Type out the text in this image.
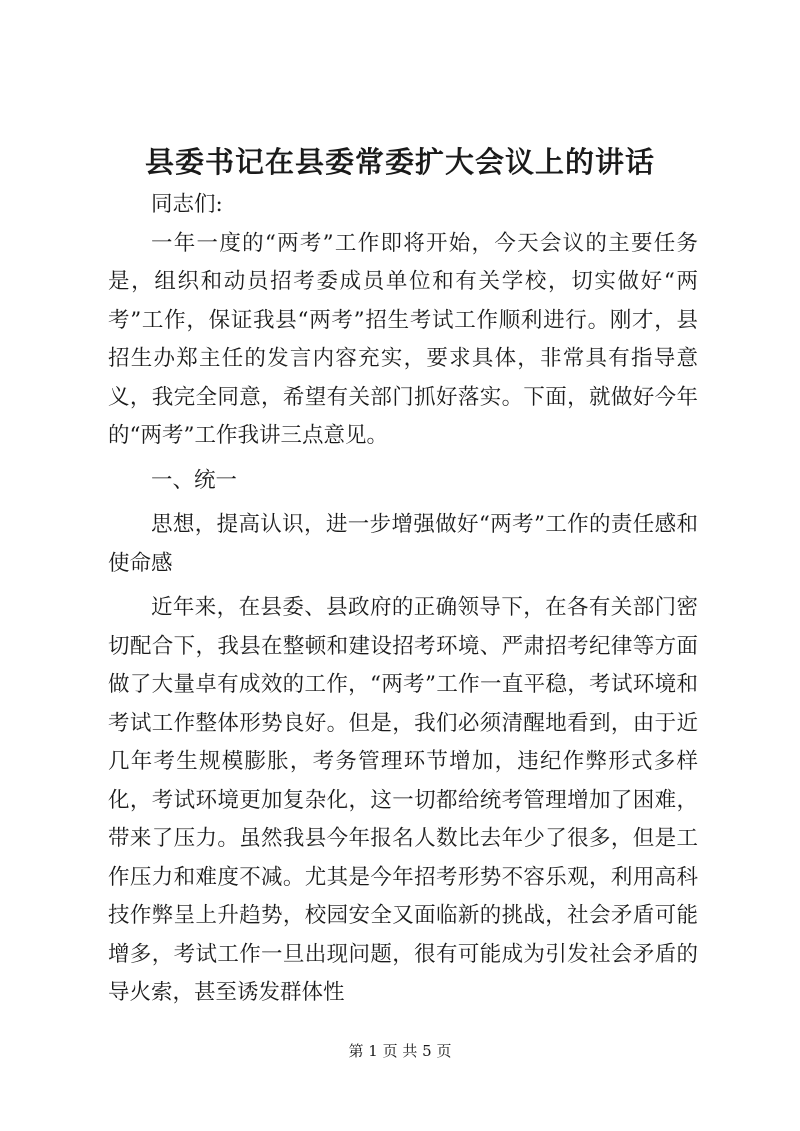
县委书记在县委常委扩大会议上的讲话

同志们:

一年一度的“两考”工作即将开始，今天会议的主要任务是，组织和动员招考委成员单位和有关学校，切实做好“两考”工作，保证我县“两考”招生考试工作顺利进行。刚才，县招生办郑主任的发言内容充实，要求具体，非常具有指导意义，我完全同意，希望有关部门抓好落实。下面，就做好今年的“两考”工作我讲三点意见。

一、统一

思想，提高认识，进一步增强做好“两考”工作的责任感和使命感

近年来，在县委、县政府的正确领导下，在各有关部门密切配合下，我县在整顿和建设招考环境、严肃招考纪律等方面做了大量卓有成效的工作，“两考”工作一直平稳，考试环境和考试工作整体形势良好。但是，我们必须清醒地看到，由于近几年考生规模膨胀，考务管理环节增加，违纪作弊形式多样化，考试环境更加复杂化，这一切都给统考管理增加了困难，带来了压力。虽然我县今年报名人数比去年少了很多，但是工作压力和难度不减。尤其是今年招考形势不容乐观，利用高科技作弊呈上升趋势，校园安全又面临新的挑战，社会矛盾可能增多，考试工作一旦出现问题，很有可能成为引发社会矛盾的导火索，甚至诱发群体性

第 1 页 共 5 页
